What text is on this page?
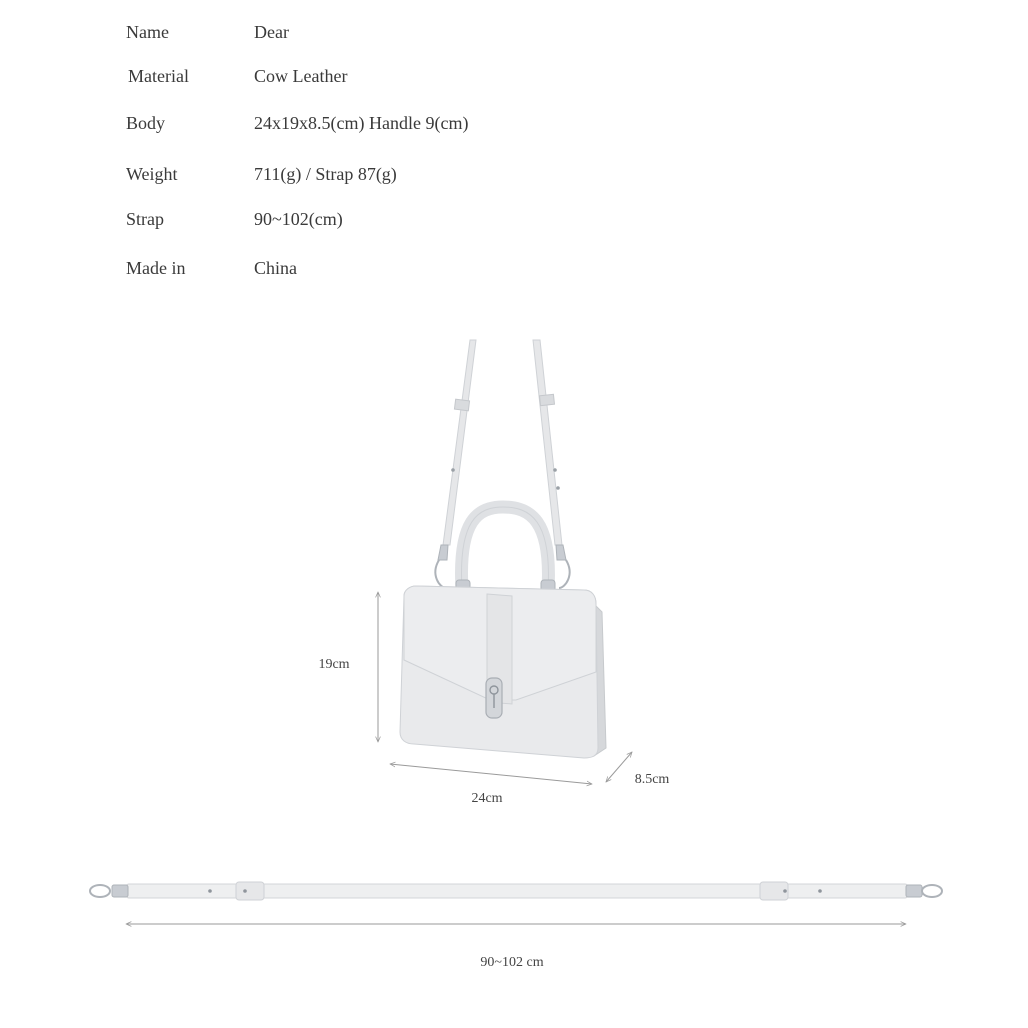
Name	Dear
Material	Cow Leather
Body	24x19x8.5(cm) Handle 9(cm)
Weight	711(g) / Strap 87(g)
Strap	90~102(cm)
Made in	China
19cm
24cm
8.5cm
90~102 cm
